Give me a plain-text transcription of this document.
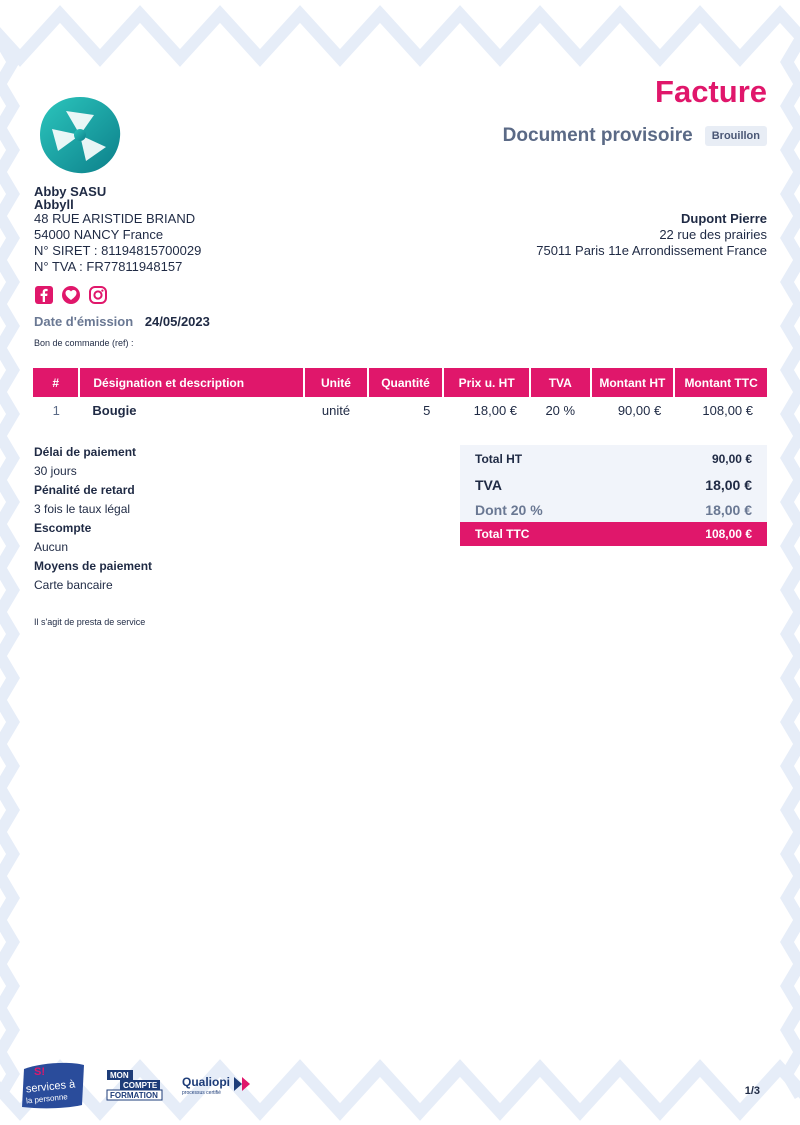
Facture
Document provisoire	Brouillon
Abby SASU
Abbyll
48 RUE ARISTIDE BRIAND
54000 NANCY France
N° SIRET : 81194815700029
N° TVA : FR77811948157
Date d'émission 24/05/2023
Bon de commande (ref) :
Dupont Pierre
22 rue des prairies
75011 Paris 11e Arrondissement France
#	Désignation et description	Unité	Quantité	Prix u. HT	TVA	Montant HT	Montant TTC
1	Bougie	unité	5	18,00 €	20 %	90,00 €	108,00 €
Délai de paiement
30 jours
Pénalité de retard
3 fois le taux légal
Escompte
Aucun
Moyens de paiement
Carte bancaire
Total HT	90,00 €
TVA	18,00 €
Dont 20 %	18,00 €
Total TTC	108,00 €
Il s'agit de presta de service
S!
services à
la personne
MON
COMPTE
FORMATION
Qualiopi
processus certifié	1/3
